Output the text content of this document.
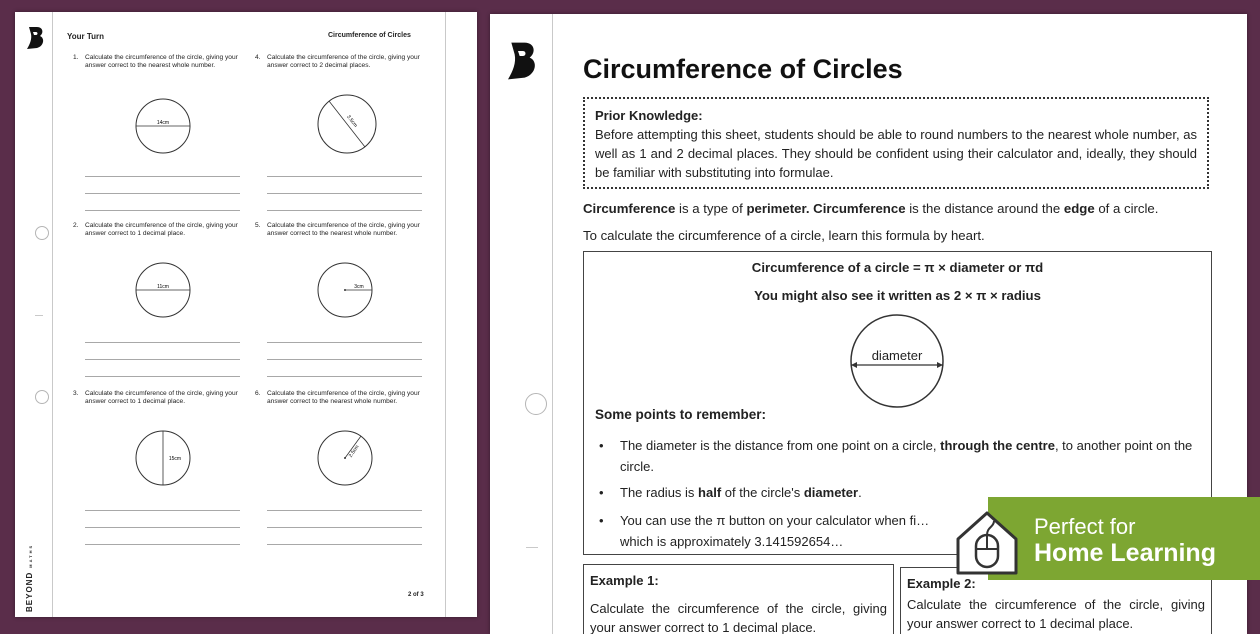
Your Turn	Circumference of Circles
1. Calculate the circumference of the circle, giving your answer correct to the nearest whole number.
14cm
4. Calculate the circumference of the circle, giving your answer correct to 2 decimal places.
3.5cm
2. Calculate the circumference of the circle, giving your answer correct to 1 decimal place.
11cm
5. Calculate the circumference of the circle, giving your answer correct to the nearest whole number.
3cm
3. Calculate the circumference of the circle, giving your answer correct to 1 decimal place.
15cm
6. Calculate the circumference of the circle, giving your answer correct to the nearest whole number.
2.5cm
BEYONDMATHS
2 of 3
Circumference of Circles
Prior Knowledge:
Before attempting this sheet, students should be able to round numbers to the nearest whole number, as well as 1 and 2 decimal places. They should be confident using their calculator and, ideally, they should be familiar with substituting into formulae.
Circumference is a type of perimeter. Circumference is the distance around the edge of a circle.
To calculate the circumference of a circle, learn this formula by heart.
Circumference of a circle = π × diameter or πd
You might also see it written as 2 × π × radius
diameter
Some points to remember:
• The diameter is the distance from one point on a circle, through the centre, to another point on the circle.
• The radius is half of the circle's diameter.
• You can use the π button on your calculator when fi… which is approximately 3.141592654…
Example 1:
Calculate the circumference of the circle, giving your answer correct to 1 decimal place.
Example 2:
Calculate the circumference of the circle, giving your answer correct to 1 decimal place.
Perfect for
Home Learning
